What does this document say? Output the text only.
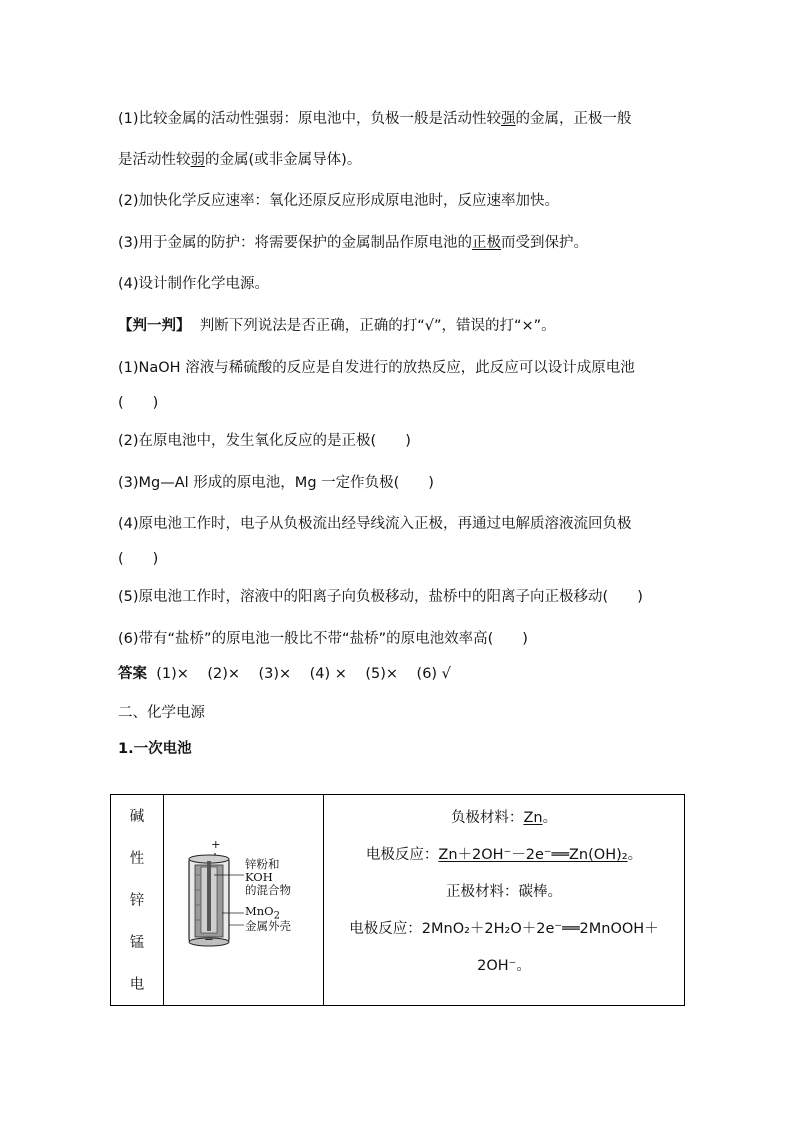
(1)比较金属的活动性强弱：原电池中，负极一般是活动性较强的金属，正极一般
是活动性较弱的金属(或非金属导体)。
(2)加快化学反应速率：氧化还原反应形成原电池时，反应速率加快。
(3)用于金属的防护：将需要保护的金属制品作原电池的正极而受到保护。
(4)设计制作化学电源。
【判一判】 判断下列说法是否正确，正确的打“√”，错误的打“×”。
(1)NaOH 溶液与稀硫酸的反应是自发进行的放热反应，此反应可以设计成原电池
(　　)
(2)在原电池中，发生氧化反应的是正极(　　)
(3)Mg—Al 形成的原电池，Mg 一定作负极(　　)
(4)原电池工作时，电子从负极流出经导线流入正极，再通过电解质溶液流回负极
(　　)
(5)原电池工作时，溶液中的阳离子向负极移动，盐桥中的阳离子向正极移动(　　)
(6)带有“盐桥”的原电池一般比不带“盐桥”的原电池效率高(　　)
答案 (1)× (2)× (3)× (4) × (5)× (6) √
二、化学电源
1.一次电池
碱
性
锌
锰
电

+
−
锌粉和
KOH
的混合物
MnO$_2$
金属外壳

负极材料：Zn。
电极反应：Zn＋2OH⁻－2e⁻══Zn(OH)₂。
正极材料：碳棒。
电极反应：2MnO₂＋2H₂O＋2e⁻══2MnOOH＋
2OH⁻。
